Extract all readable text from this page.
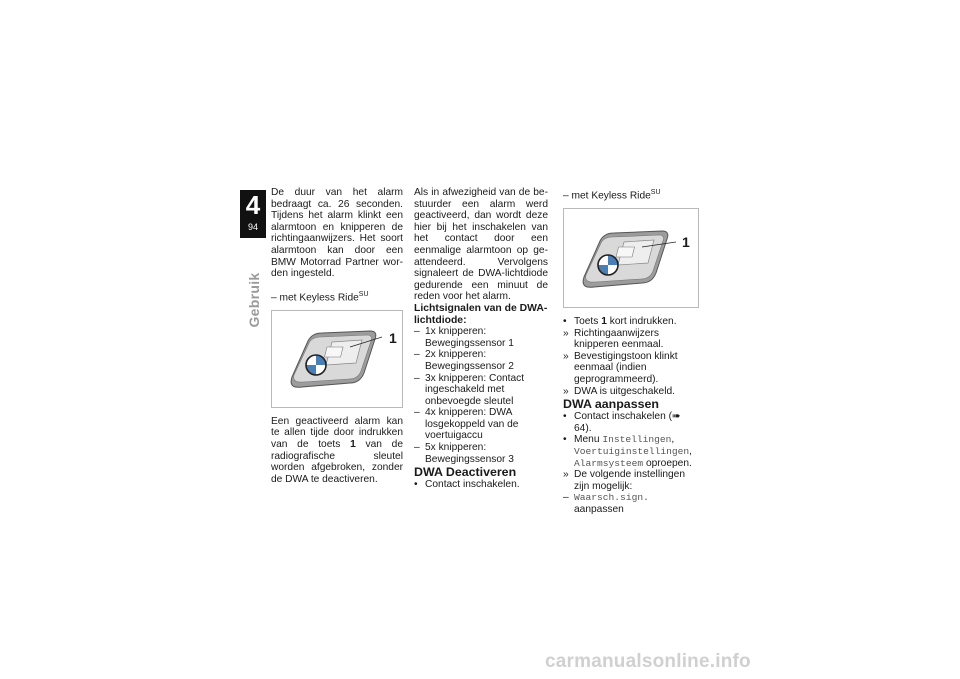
4
94
Gebruik

De duur van het alarm bedraagt ca. 26 seconden. Tijdens het alarm klinkt een alarmtoon en knipperen de richtingaanwijzers. Het soort alarmtoon kan door een BMW Motorrad Partner worden ingesteld.

– met Keyless Ride$^{SU}$

1

Een geactiveerd alarm kan te allen tijde door indrukken van de toets 1 van de radiografische sleutel worden afgebroken, zonder de DWA te deactiveren.

Als in afwezigheid van de bestuurder een alarm werd geactiveerd, dan wordt deze hier bij het inschakelen van het contact door een eenmalige alarmtoon op geattendeerd. Vervolgens signaleert de DWA-lichtdiode gedurende een minuut de reden voor het alarm.

Lichtsignalen van de DWA-lichtdiode:

– 1x knipperen: Bewegingssensor 1
– 2x knipperen: Bewegingssensor 2
– 3x knipperen: Contact ingeschakeld met onbevoegde sleutel
– 4x knipperen: DWA losgekoppeld van de voertuigaccu
– 5x knipperen: Bewegingssensor 3

DWA Deactiveren

• Contact inschakelen.

– met Keyless Ride$^{SU}$

1
• Toets 1 kort indrukken.
» Richtingaanwijzers knipperen eenmaal.
» Bevestigingstoon klinkt eenmaal (indien geprogrammeerd).
» DWA is uitgeschakeld.

DWA aanpassen

• Contact inschakelen (➠ 64).
• Menu Instellingen, Voertuiginstellingen, Alarmsysteem oproepen.
» De volgende instellingen zijn mogelijk:
– Waarsch.sign. aanpassen
carmanualsonline.info
